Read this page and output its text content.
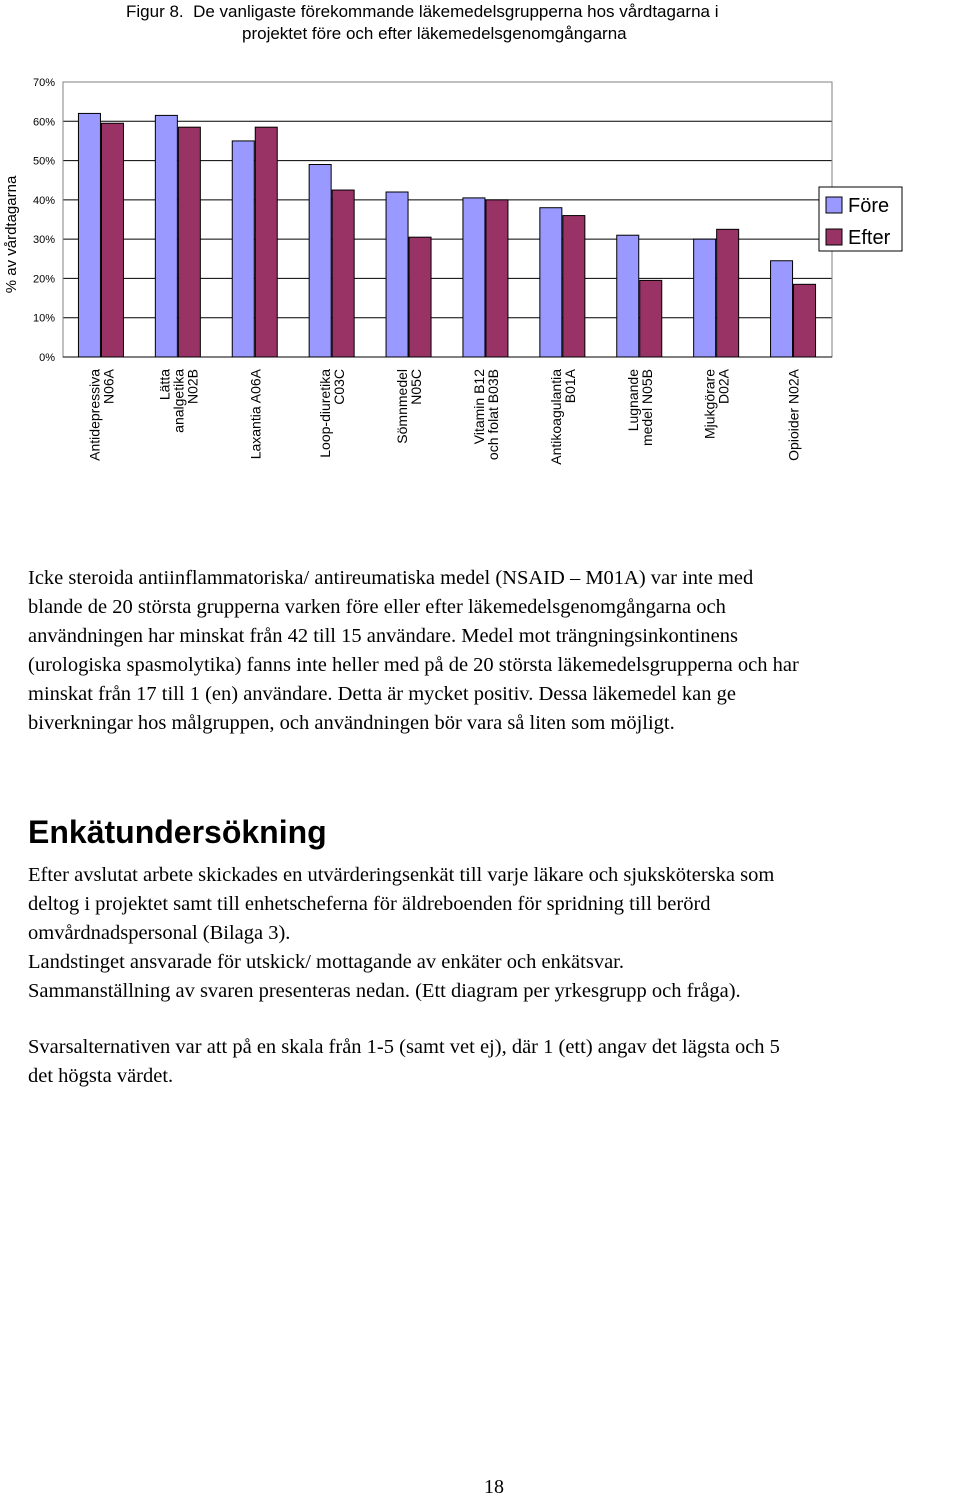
Figur 8.  De vanligaste förekommande läkemedelsgrupperna hos vårdtagarna i
projektet före och efter läkemedelsgenomgångarna
0%
10%
20%
30%
40%
50%
60%
70%
% av vårdtagarna
Antidepressiva
N06A	Lätta
analgetika
N02B	Laxantia A06A	Loop-diuretika
C03C	Sömnmedel
N05C	Vitamin B12
och folat B03B	Antikoagulantia
B01A	Lugnande
medel N05B	Mjukgörare
D02A	Opioider N02A
Före
Efter
Icke steroida antiinflammatoriska/ antireumatiska medel (NSAID – M01A) var inte med
blande de 20 största grupperna varken före eller efter läkemedelsgenomgångarna och
användningen har minskat från 42 till 15 användare. Medel mot trängningsinkontinens
(urologiska spasmolytika) fanns inte heller med på de 20 största läkemedelsgrupperna och har
minskat från 17 till 1 (en) användare. Detta är mycket positiv. Dessa läkemedel kan ge
biverkningar hos målgruppen, och användningen bör vara så liten som möjligt.
Enkätundersökning
Efter avslutat arbete skickades en utvärderingsenkät till varje läkare och sjuksköterska som
deltog i projektet samt till enhetscheferna för äldreboenden för spridning till berörd
omvårdnadspersonal (Bilaga 3).
Landstinget ansvarade för utskick/ mottagande av enkäter och enkätsvar.
Sammanställning av svaren presenteras nedan. (Ett diagram per yrkesgrupp och fråga).
Svarsalternativen var att på en skala från 1-5 (samt vet ej), där 1 (ett) angav det lägsta och 5
det högsta värdet.
18
